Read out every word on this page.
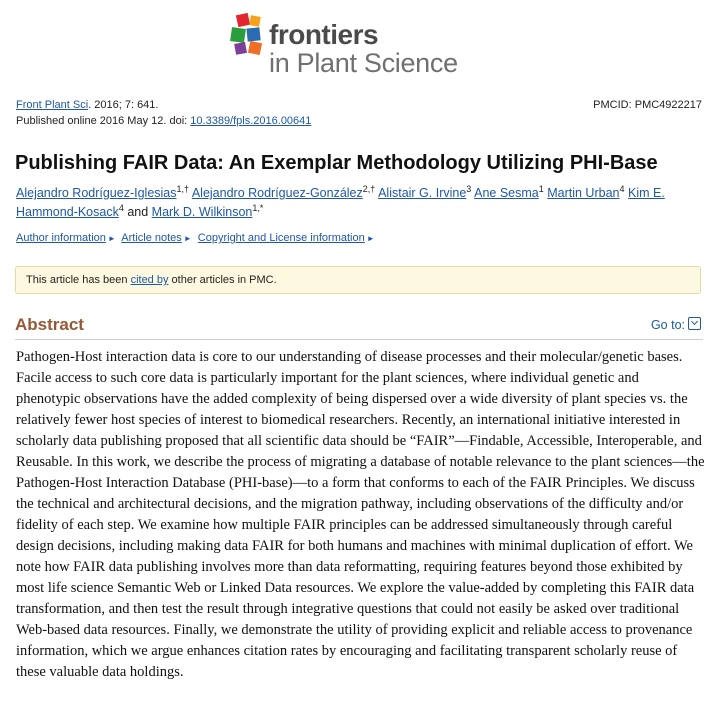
frontiers
in Plant Science
Front Plant Sci. 2016; 7: 641.
Published online 2016 May 12. doi: 10.3389/fpls.2016.00641
PMCID: PMC4922217
Publishing FAIR Data: An Exemplar Methodology Utilizing PHI-Base
Alejandro Rodríguez-Iglesias$^{1,\dagger}$ Alejandro Rodríguez-González$^{2,\dagger}$ Alistair G. Irvine$^3$ Ane Sesma$^1$ Martin Urban$^4$ Kim E. Hammond-Kosack$^4$ and Mark D. Wilkinson$^{1,*}$
Author information ► Article notes ► Copyright and License information ►
This article has been cited by other articles in PMC.
Abstract	Go to:

Pathogen-Host interaction data is core to our understanding of disease processes and their molecular/genetic bases. Facile access to such core data is particularly important for the plant sciences, where individual genetic and phenotypic observations have the added complexity of being dispersed over a wide diversity of plant species vs. the relatively fewer host species of interest to biomedical researchers. Recently, an international initiative interested in scholarly data publishing proposed that all scientific data should be “FAIR”—Findable, Accessible, Interoperable, and Reusable. In this work, we describe the process of migrating a database of notable relevance to the plant sciences—the Pathogen-Host Interaction Database (PHI-base)—to a form that conforms to each of the FAIR Principles. We discuss the technical and architectural decisions, and the migration pathway, including observations of the difficulty and/or fidelity of each step. We examine how multiple FAIR principles can be addressed simultaneously through careful design decisions, including making data FAIR for both humans and machines with minimal duplication of effort. We note how FAIR data publishing involves more than data reformatting, requiring features beyond those exhibited by most life science Semantic Web or Linked Data resources. We explore the value-added by completing this FAIR data transformation, and then test the result through integrative questions that could not easily be asked over traditional Web-based data resources. Finally, we demonstrate the utility of providing explicit and reliable access to provenance information, which we argue enhances citation rates by encouraging and facilitating transparent scholarly reuse of these valuable data holdings.
